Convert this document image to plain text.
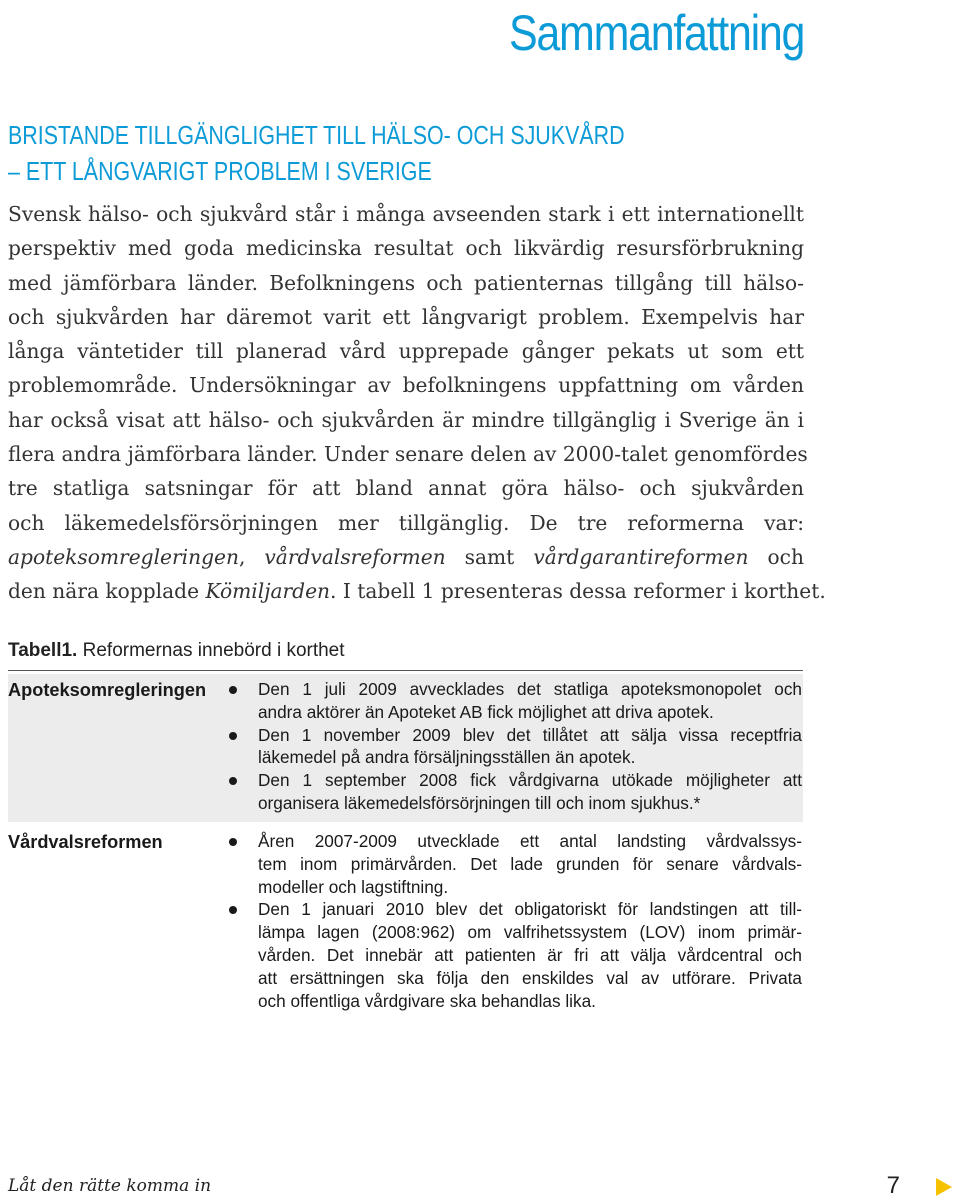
Sammanfattning
BRISTANDE TILLGÄNGLIGHET TILL HÄLSO- OCH SJUKVÅRD
– ETT LÅNGVARIGT PROBLEM I SVERIGE
Svensk hälso- och sjukvård står i många avseenden stark i ett internationellt
perspektiv med goda medicinska resultat och likvärdig resursförbrukning
med jämförbara länder. Befolkningens och patienternas tillgång till hälso-
och sjukvården har däremot varit ett långvarigt problem. Exempelvis har
långa väntetider till planerad vård upprepade gånger pekats ut som ett
problemområde. Undersökningar av befolkningens uppfattning om vården
har också visat att hälso- och sjukvården är mindre tillgänglig i Sverige än i
flera andra jämförbara länder. Under senare delen av 2000-talet genomfördes
tre statliga satsningar för att bland annat göra hälso- och sjukvården
och läkemedelsförsörjningen mer tillgänglig. De tre reformerna var:
apoteksomregleringen, vårdvalsreformen samt vårdgarantireformen och
den nära kopplade Kömiljarden. I tabell 1 presenteras dessa reformer i korthet.
Tabell1. Reformernas innebörd i korthet
Apoteksomregleringen	Den 1 juli 2009 avvecklades det statliga apoteksmonopolet och
andra aktörer än Apoteket AB fick möjlighet att driva apotek.
Den 1 november 2009 blev det tillåtet att sälja vissa receptfria
läkemedel på andra försäljningsställen än apotek.
Den 1 september 2008 fick vårdgivarna utökade möjligheter att
organisera läkemedelsförsörjningen till och inom sjukhus.*
Vårdvalsreformen	Åren 2007-2009 utvecklade ett antal landsting vårdvalssys-
tem inom primärvården. Det lade grunden för senare vårdvals-
modeller och lagstiftning.
Den 1 januari 2010 blev det obligatoriskt för landstingen att till-
lämpa lagen (2008:962) om valfrihetssystem (LOV) inom primär-
vården. Det innebär att patienten är fri att välja vårdcentral och
att ersättningen ska följa den enskildes val av utförare. Privata
och offentliga vårdgivare ska behandlas lika.
Låt den rätte komma in	7
